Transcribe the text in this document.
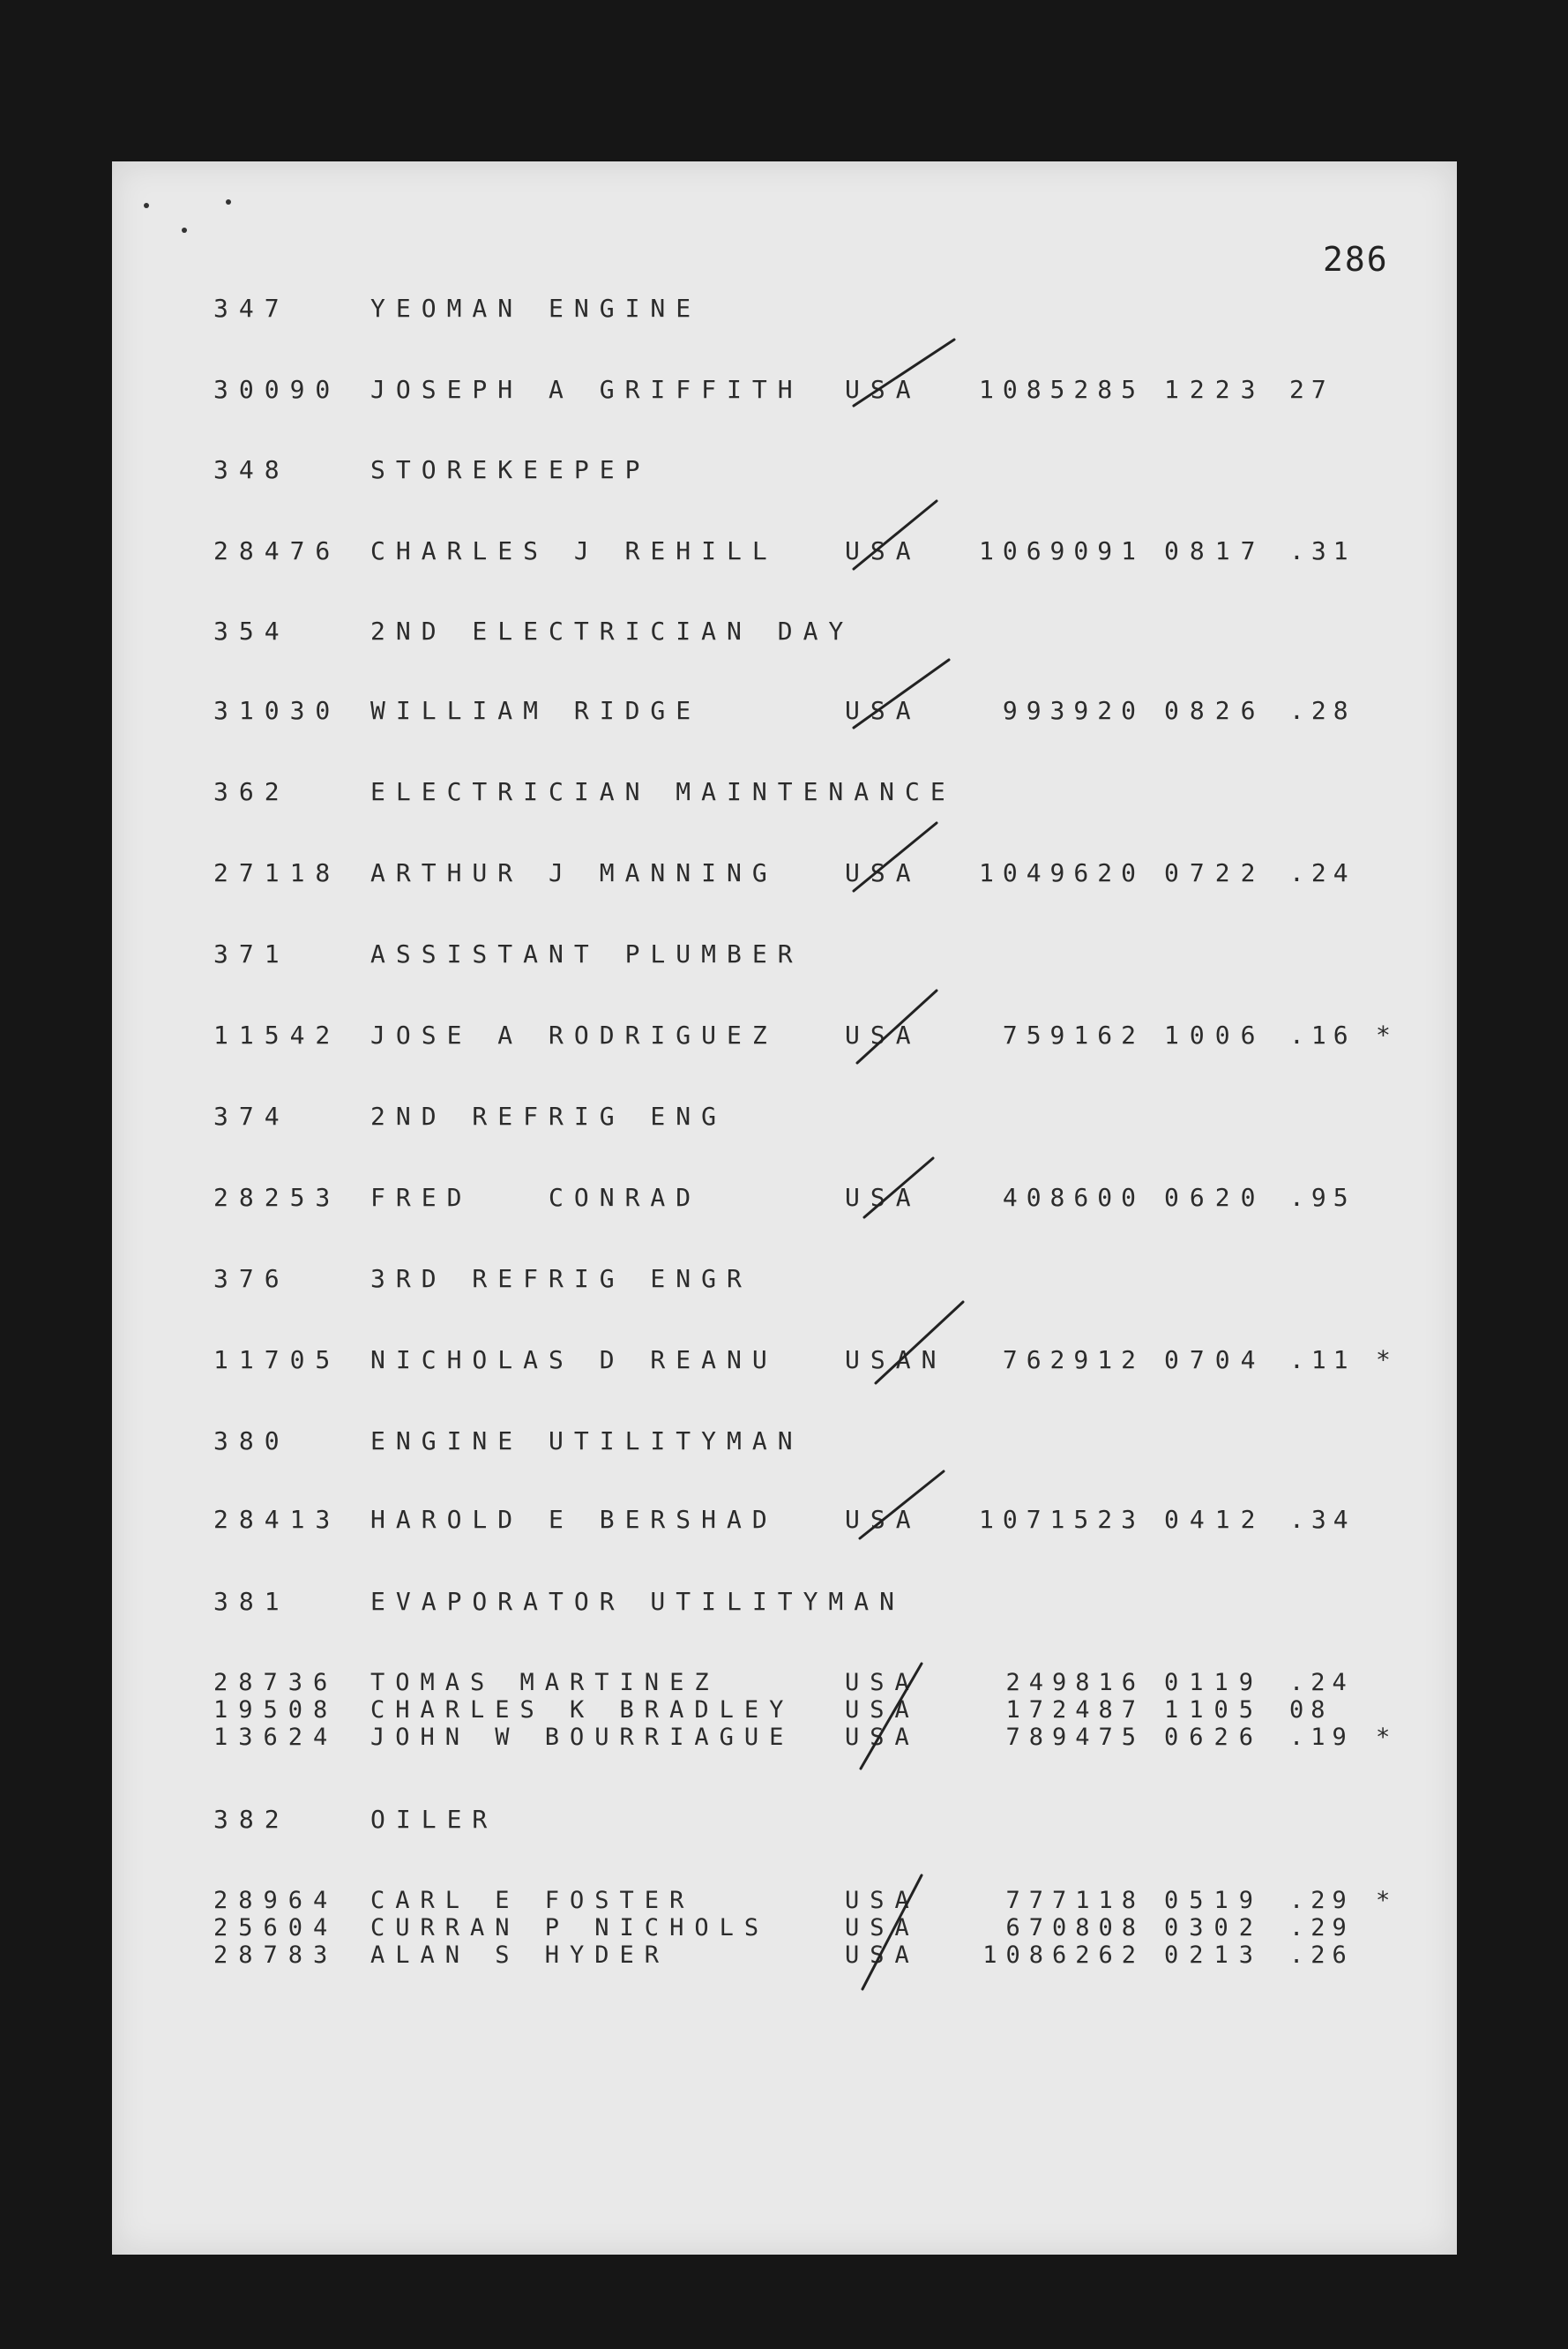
286
347	YEOMAN ENGINE
30090 JOSEPH A GRIFFITH USA	1085285 1223 27
348	STOREKEEPEP
28476 CHARLES J REHILL	USA	1069091 0817 .31
354	2ND ELECTRICIAN DAY
31030 WILLIAM RIDGE	USA	993920 0826 .28
362	ELECTRICIAN MAINTENANCE
27118 ARTHUR J MANNING	USA	1049620 0722 .24
371	ASSISTANT PLUMBER
11542 JOSE A RODRIGUEZ	USA	759162 1006 .16 *
374	2ND REFRIG ENG
28253 FRED   CONRAD	USA	408600 0620 .95
376	3RD REFRIG ENGR
11705 NICHOLAS D REANU	USAN	762912 0704 .11 *
380	ENGINE UTILITYMAN
28413 HAROLD E BERSHAD	USA	1071523 0412 .34
381	EVAPORATOR UTILITYMAN
28736 TOMAS MARTINEZ	USA	249816 0119 .24
19508 CHARLES K BRADLEY USA	172487 1105 08
13624 JOHN W BOURRIAGUE USA	789475 0626 .19 *
382	OILER
28964 CARL E FOSTER	USA	777118 0519 .29 *
25604 CURRAN P NICHOLS	USA	670808 0302 .29
28783 ALAN S HYDER	USA	1086262 0213 .26
